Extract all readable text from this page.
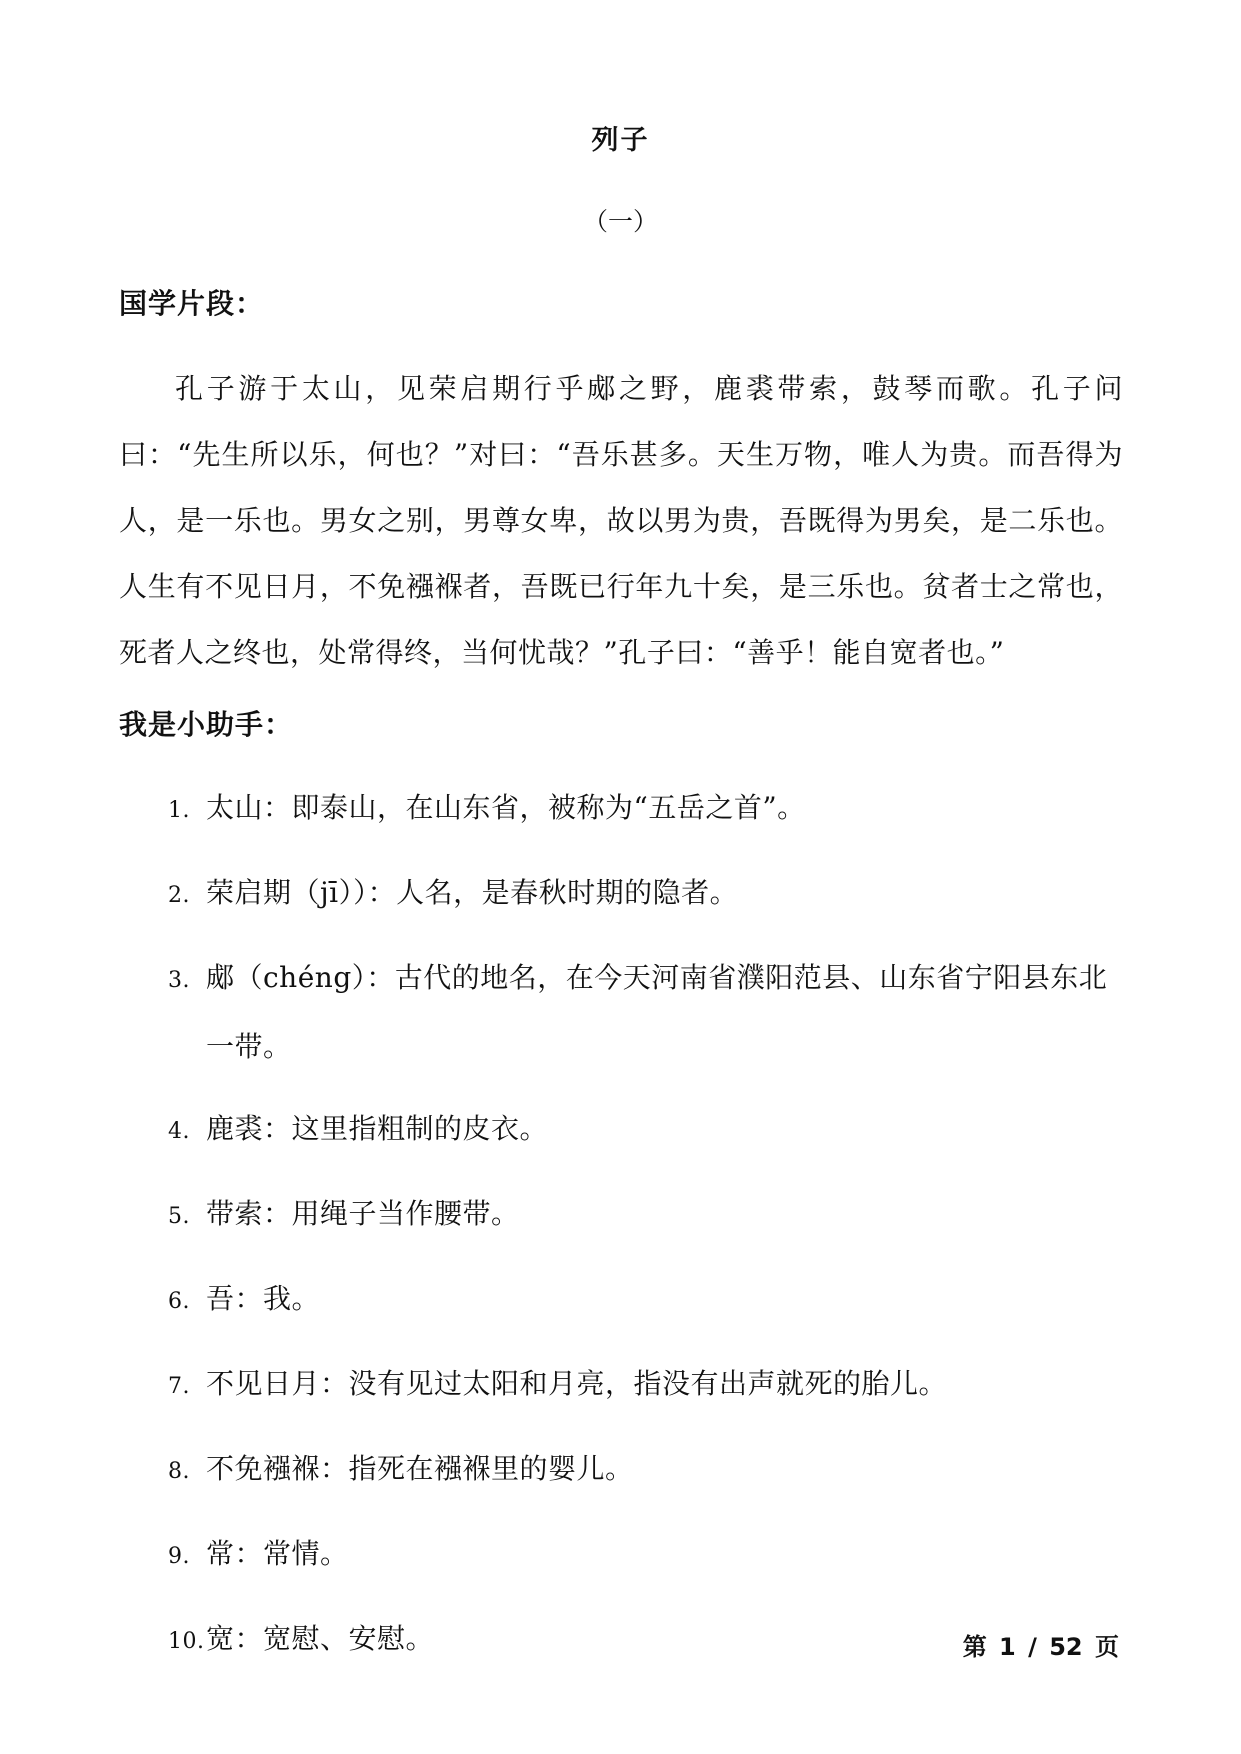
列子
（一）
国学片段：

孔子游于太山，见荣启期行乎郕之野，鹿裘带索，鼓琴而歌。孔子问曰：“先生所以乐，何也？”对曰：“吾乐甚多。天生万物，唯人为贵。而吾得为人，是一乐也。男女之别，男尊女卑，故以男为贵，吾既得为男矣，是二乐也。人生有不见日月，不免襁褓者，吾既已行年九十矣，是三乐也。贫者士之常也，死者人之终也，处常得终，当何忧哉？”孔子曰：“善乎！能自宽者也。”

我是小助手：
1. 太山：即泰山，在山东省，被称为“五岳之首”。
2. 荣启期（jī））：人名，是春秋时期的隐者。
3. 郕（chéng）：古代的地名，在今天河南省濮阳范县、山东省宁阳县东北
一带。
4. 鹿裘：这里指粗制的皮衣。
5. 带索：用绳子当作腰带。
6. 吾：我。
7. 不见日月：没有见过太阳和月亮，指没有出声就死的胎儿。
8. 不免襁褓：指死在襁褓里的婴儿。
9. 常：常情。
10.宽：宽慰、安慰。	第 1 / 52 页
